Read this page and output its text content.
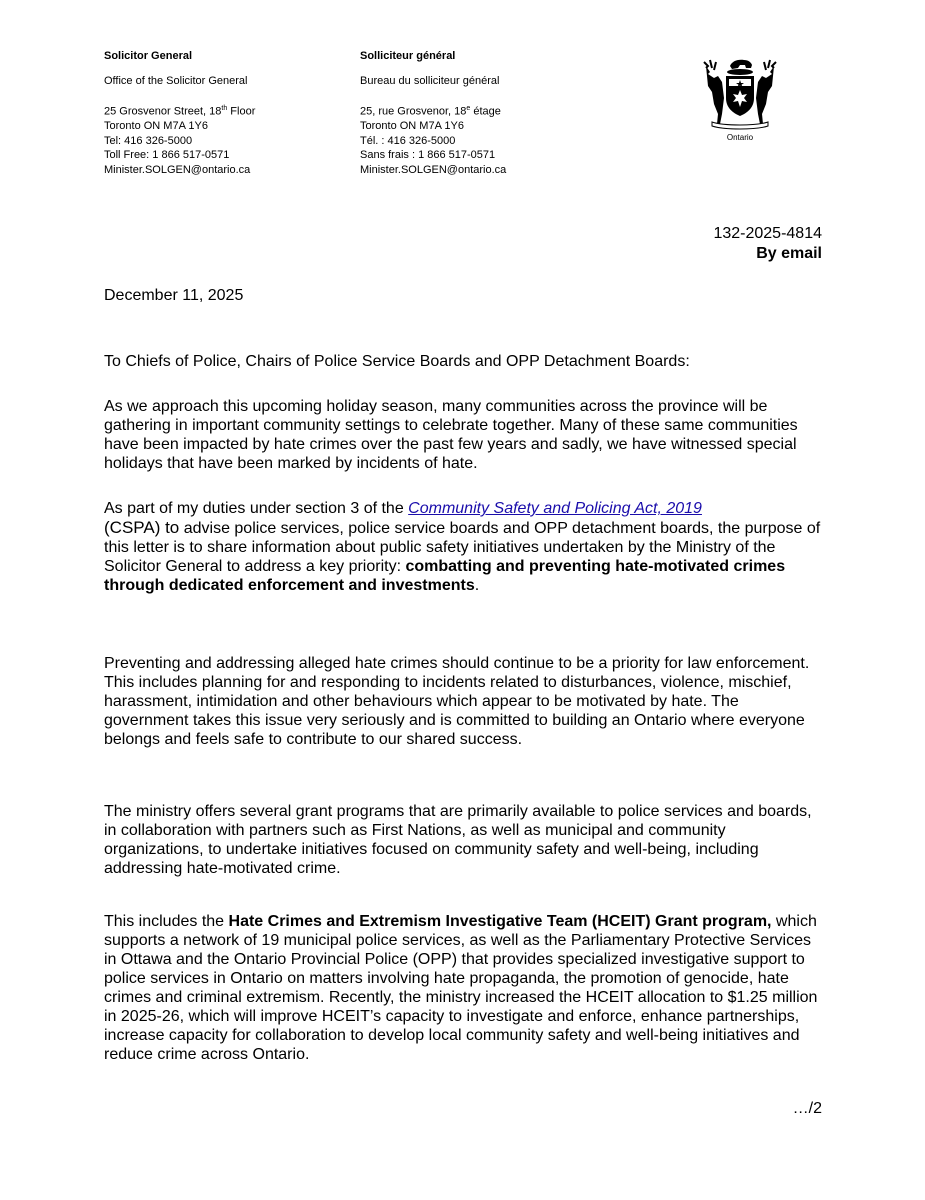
Solicitor General
Office of the Solicitor General
25 Grosvenor Street, 18th Floor
Toronto ON M7A 1Y6
Tel: 416 326-5000
Toll Free: 1 866 517-0571
Minister.SOLGEN@ontario.ca
Solliciteur général
Bureau du solliciteur général
25, rue Grosvenor, 18e étage
Toronto ON M7A 1Y6
Tél. : 416 326-5000
Sans frais : 1 866 517-0571
Minister.SOLGEN@ontario.ca
Ontario
132-2025-4814
By email
December 11, 2025
To Chiefs of Police, Chairs of Police Service Boards and OPP Detachment Boards:

As we approach this upcoming holiday season, many communities across the province will be gathering in important community settings to celebrate together. Many of these same communities have been impacted by hate crimes over the past few years and sadly, we have witnessed special holidays that have been marked by incidents of hate.

As part of my duties under section 3 of the Community Safety and Policing Act, 2019
(CSPA) to advise police services, police service boards and OPP detachment boards, the purpose of this letter is to share information about public safety initiatives undertaken by the Ministry of the Solicitor General to address a key priority: combatting and preventing hate-motivated crimes through dedicated enforcement and investments.

Preventing and addressing alleged hate crimes should continue to be a priority for law enforcement. This includes planning for and responding to incidents related to disturbances, violence, mischief, harassment, intimidation and other behaviours which appear to be motivated by hate. The government takes this issue very seriously and is committed to building an Ontario where everyone belongs and feels safe to contribute to our shared success.

The ministry offers several grant programs that are primarily available to police services and boards, in collaboration with partners such as First Nations, as well as municipal and community organizations, to undertake initiatives focused on community safety and well-being, including addressing hate-motivated crime.

This includes the Hate Crimes and Extremism Investigative Team (HCEIT) Grant program, which supports a network of 19 municipal police services, as well as the Parliamentary Protective Services in Ottawa and the Ontario Provincial Police (OPP) that provides specialized investigative support to police services in Ontario on matters involving hate propaganda, the promotion of genocide, hate crimes and criminal extremism. Recently, the ministry increased the HCEIT allocation to $1.25 million in 2025-26, which will improve HCEIT’s capacity to investigate and enforce, enhance partnerships, increase capacity for collaboration to develop local community safety and well-being initiatives and reduce crime across Ontario.

…/2
